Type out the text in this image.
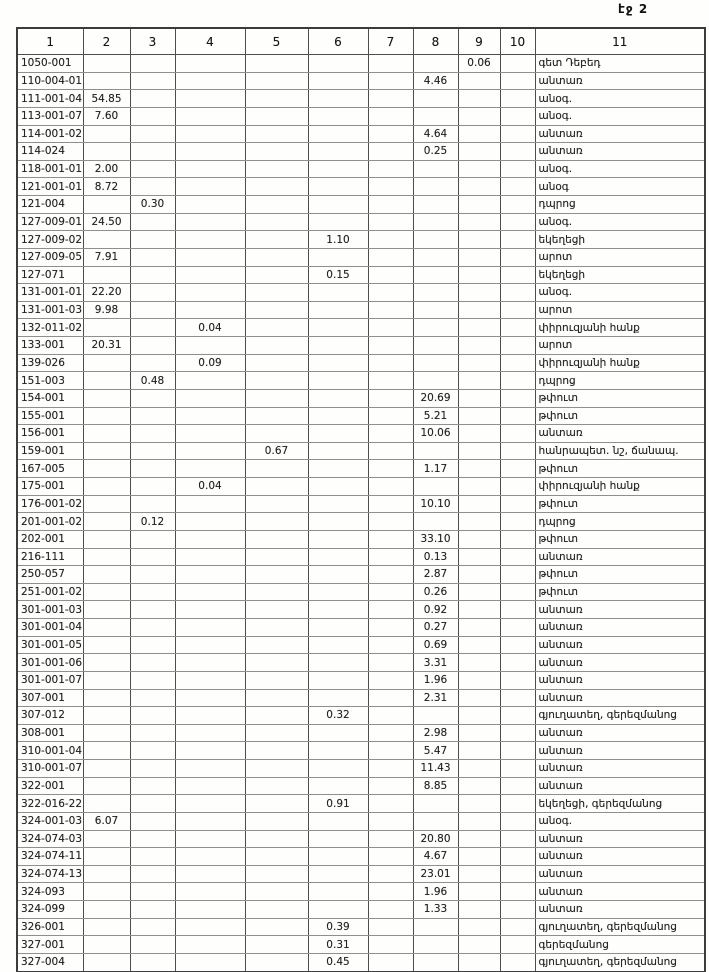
էջ 2
1	2	3	4	5	6	7	8	9	10	11
1050-001								0.06		գետ Դեբեդ
110-004-01							4.46			անտառ
111-001-04	54.85									անօգ.
113-001-07	7.60									անօգ.
114-001-02							4.64			անտառ
114-024							0.25			անտառ
118-001-01	2.00									անօգ.
121-001-01	8.72									անօգ
121-004		0.30								դպրոց
127-009-01	24.50									անօգ.
127-009-02					1.10					եկեղեցի
127-009-05	7.91									արոտ
127-071					0.15					եկեղեցի
131-001-01	22.20									անօգ.
131-001-03	9.98									արոտ
132-011-02			0.04							փիրուզյանի հանք
133-001	20.31									արոտ
139-026			0.09							փիրուզյանի հանք
151-003		0.48								դպրոց
154-001							20.69			թփուտ
155-001							5.21			թփուտ
156-001							10.06			անտառ
159-001				0.67						հանրապետ. նշ, ճանապ.
167-005							1.17			թփուտ
175-001			0.04							փիրուզյանի հանք
176-001-02							10.10			թփուտ
201-001-02		0.12								դպրոց
202-001							33.10			թփուտ
216-111							0.13			անտառ
250-057							2.87			թփուտ
251-001-02							0.26			թփուտ
301-001-03							0.92			անտառ
301-001-04							0.27			անտառ
301-001-05							0.69			անտառ
301-001-06							3.31			անտառ
301-001-07							1.96			անտառ
307-001							2.31			անտառ
307-012					0.32					գյուղատեղ, գերեզմանոց
308-001							2.98			անտառ
310-001-04							5.47			անտառ
310-001-07							11.43			անտառ
322-001							8.85			անտառ
322-016-22					0.91					եկեղեցի, գերեզմանոց
324-001-03	6.07									անօգ.
324-074-03							20.80			անտառ
324-074-11							4.67			անտառ
324-074-13							23.01			անտառ
324-093							1.96			անտառ
324-099							1.33			անտառ
326-001					0.39					գյուղատեղ, գերեզմանոց
327-001					0.31					գերեզմանոց
327-004					0.45					գյուղատեղ, գերեզմանոց
